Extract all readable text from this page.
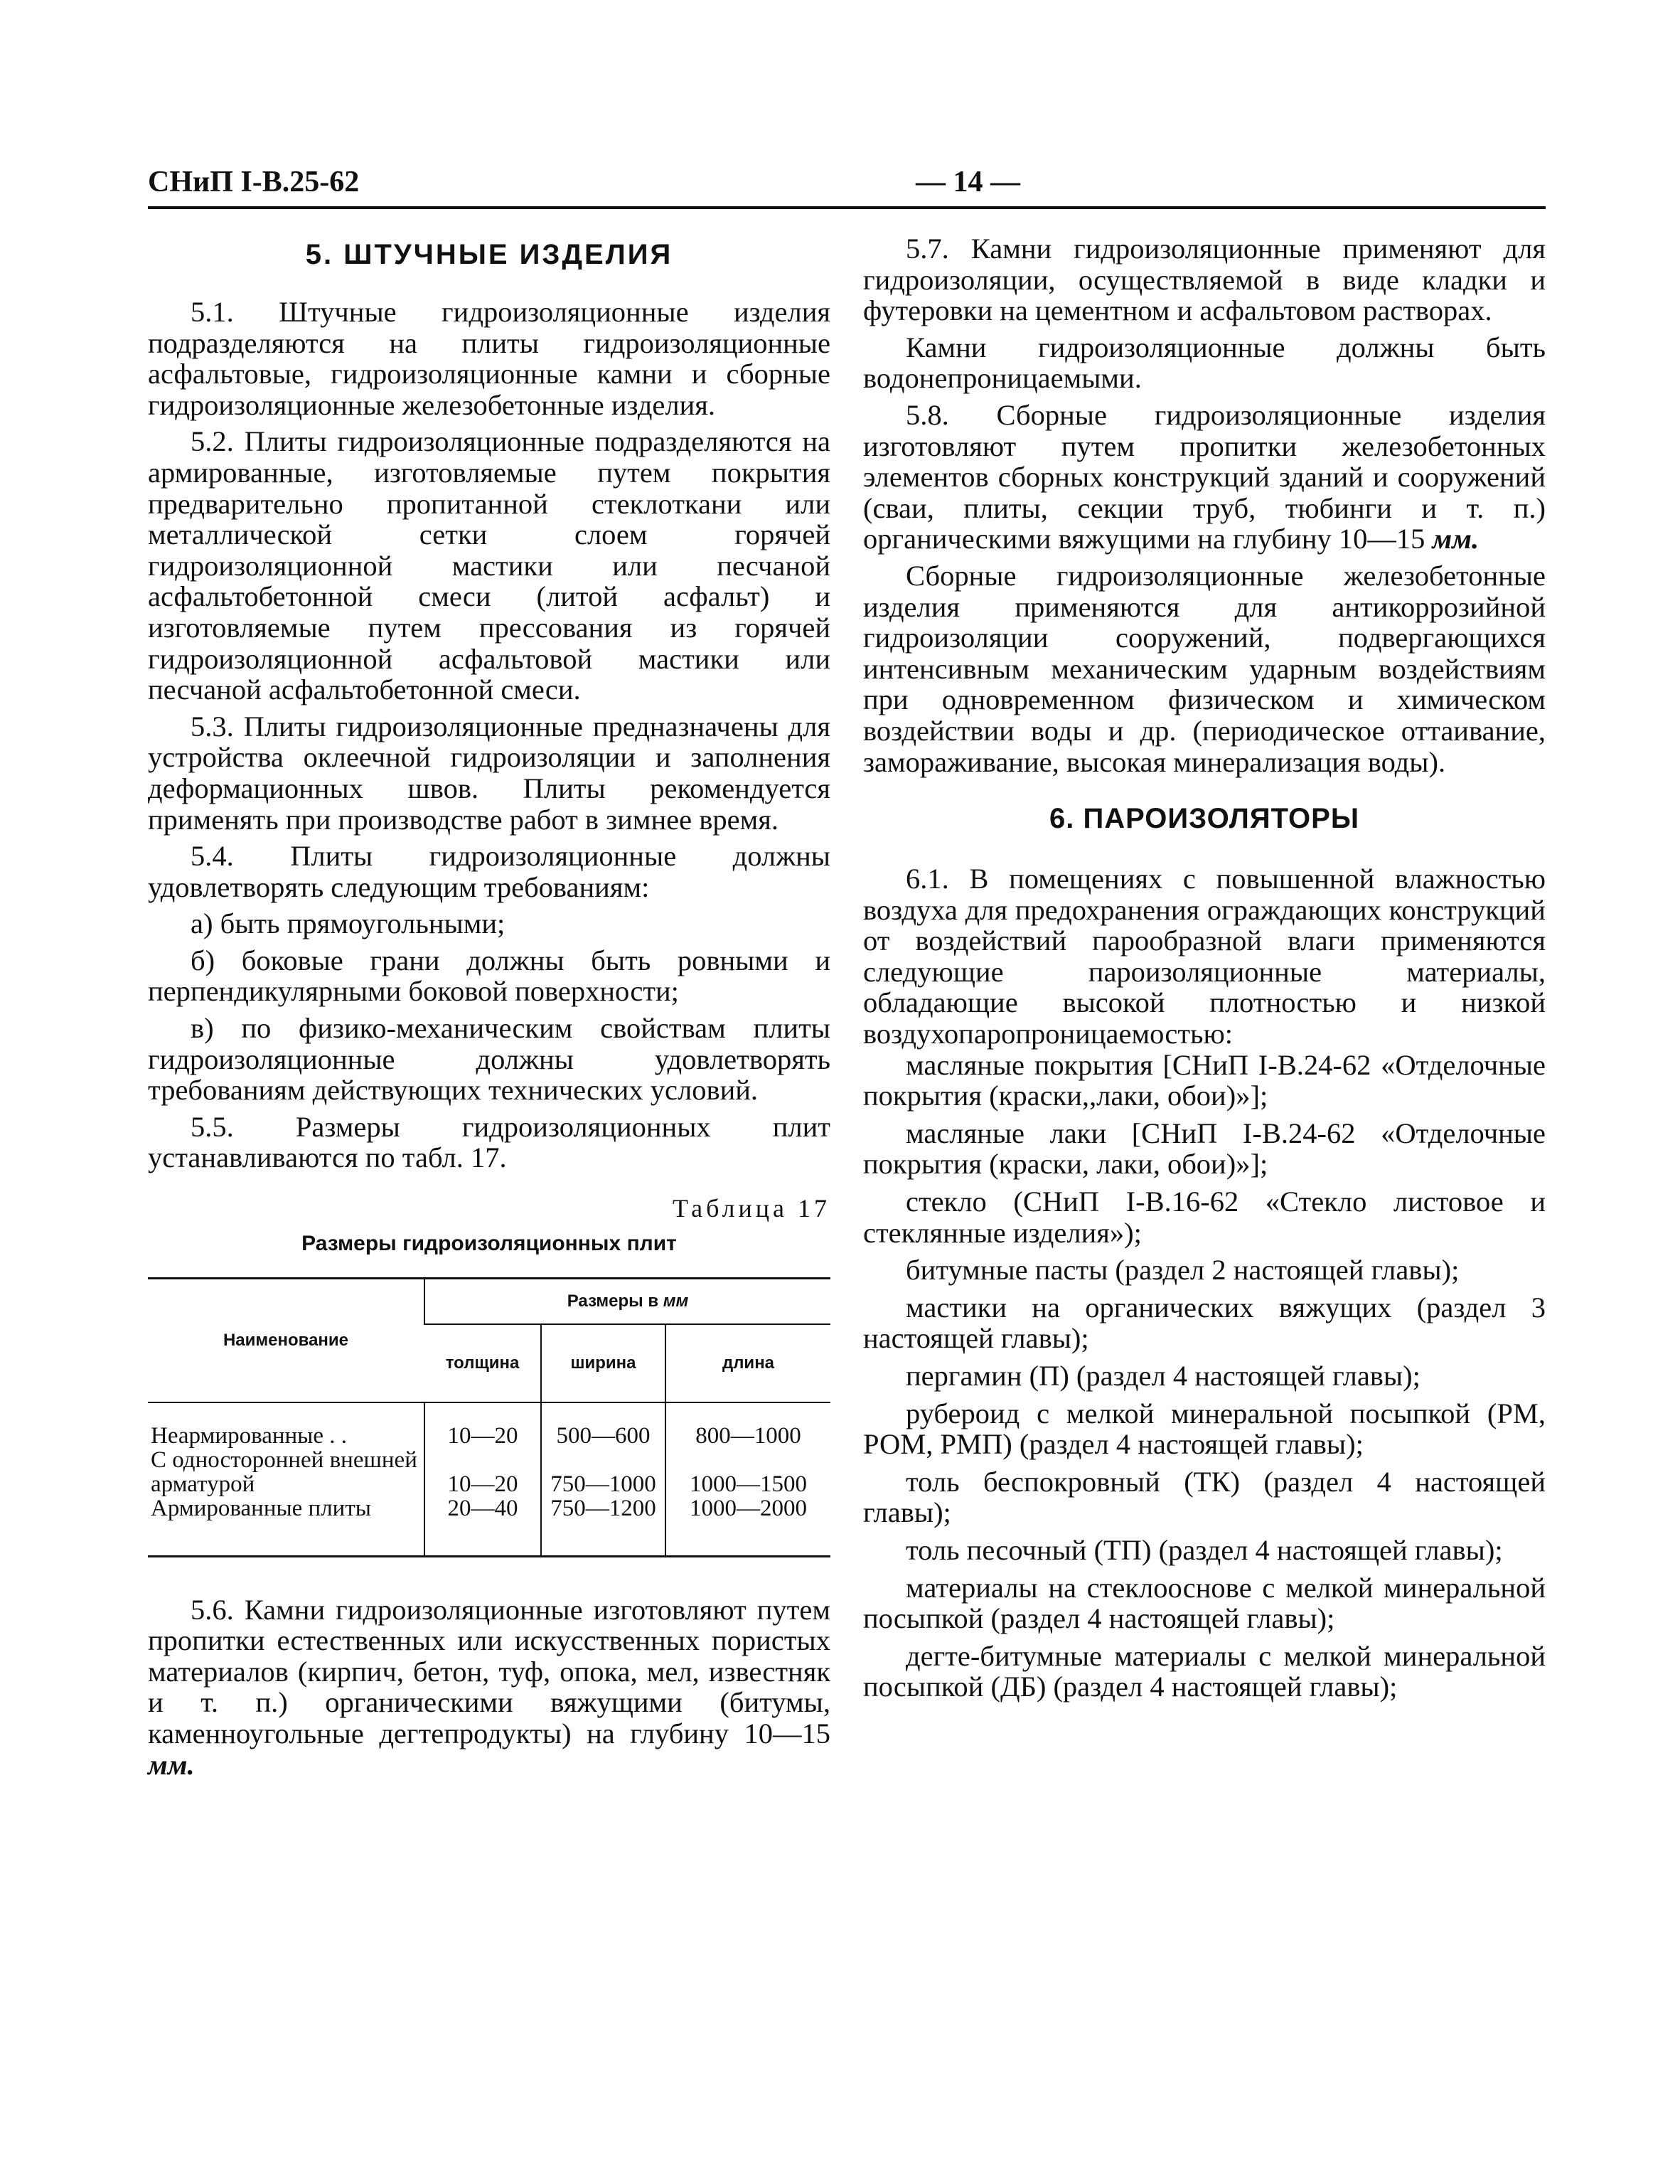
СНиП I-В.25-62	— 14 —
5. ШТУЧНЫЕ ИЗДЕЛИЯ

5.1. Штучные гидроизоляционные изделия подразделяются на плиты гидроизоляционные асфальтовые, гидроизоляционные камни и сборные гидроизоляционные железобетонные изделия.

5.2. Плиты гидроизоляционные подразделяются на армированные, изготовляемые путем покрытия предварительно пропитанной стеклоткани или металлической сетки слоем горячей гидроизоляционной мастики или песчаной асфальтобетонной смеси (литой асфальт) и изготовляемые путем прессования из горячей гидроизоляционной асфальтовой мастики или песчаной асфальтобетонной смеси.

5.3. Плиты гидроизоляционные предназначены для устройства оклеечной гидроизоляции и заполнения деформационных швов. Плиты рекомендуется применять при производстве работ в зимнее время.

5.4. Плиты гидроизоляционные должны удовлетворять следующим требованиям:

а) быть прямоугольными;

б) боковые грани должны быть ровными и перпендикулярными боковой поверхности;

в) по физико-механическим свойствам плиты гидроизоляционные должны удовлетворять требованиям действующих технических условий.

5.5. Размеры гидроизоляционных плит устанавливаются по табл. 17.

Таблица 17
Размеры гидроизоляционных плит
Наименование	Размеры в мм		
	толщина	ширина	длина

Неармированные . .	10—20	500—600	800—1000
С односторонней внешней арматурой	10—20	750—1000	1000—1500
Армированные плиты	20—40	750—1200	1000—2000

5.6. Камни гидроизоляционные изготовляют путем пропитки естественных или искусственных пористых материалов (кирпич, бетон, туф, опока, мел, известняк и т. п.) органическими вяжущими (битумы, каменноугольные дегтепродукты) на глубину 10—15 мм.

5.7. Камни гидроизоляционные применяют для гидроизоляции, осуществляемой в виде кладки и футеровки на цементном и асфальтовом растворах.

Камни гидроизоляционные должны быть водонепроницаемыми.

5.8. Сборные гидроизоляционные изделия изготовляют путем пропитки железобетонных элементов сборных конструкций зданий и сооружений (сваи, плиты, секции труб, тюбинги и т. п.) органическими вяжущими на глубину 10—15 мм.

Сборные гидроизоляционные железобетонные изделия применяются для антикоррозийной гидроизоляции сооружений, подвергающихся интенсивным механическим ударным воздействиям при одновременном физическом и химическом воздействии воды и др. (периодическое оттаивание, замораживание, высокая минерализация воды).

6. ПАРОИЗОЛЯТОРЫ

6.1. В помещениях с повышенной влажностью воздуха для предохранения ограждающих конструкций от воздействий парообразной влаги применяются следующие пароизоляционные материалы, обладающие высокой плотностью и низкой воздухопаропроницаемостью:

масляные покрытия [СНиП I-В.24-62 «Отделочные покрытия (краски,,лаки, обои)»];

масляные лаки [СНиП I-В.24-62 «Отделочные покрытия (краски, лаки, обои)»];

стекло (СНиП I-В.16-62 «Стекло листовое и стеклянные изделия»);

битумные пасты (раздел 2 настоящей главы);

мастики на органических вяжущих (раздел 3 настоящей главы);

пергамин (П) (раздел 4 настоящей главы);

рубероид с мелкой минеральной посыпкой (РМ, РОМ, РМП) (раздел 4 настоящей главы);

толь беспокровный (ТК) (раздел 4 настоящей главы);

толь песочный (ТП) (раздел 4 настоящей главы);

материалы на стеклоосновe с мелкой минеральной посыпкой (раздел 4 настоящей главы);

дегте-битумные материалы с мелкой минеральной посыпкой (ДБ) (раздел 4 настоящей главы);
